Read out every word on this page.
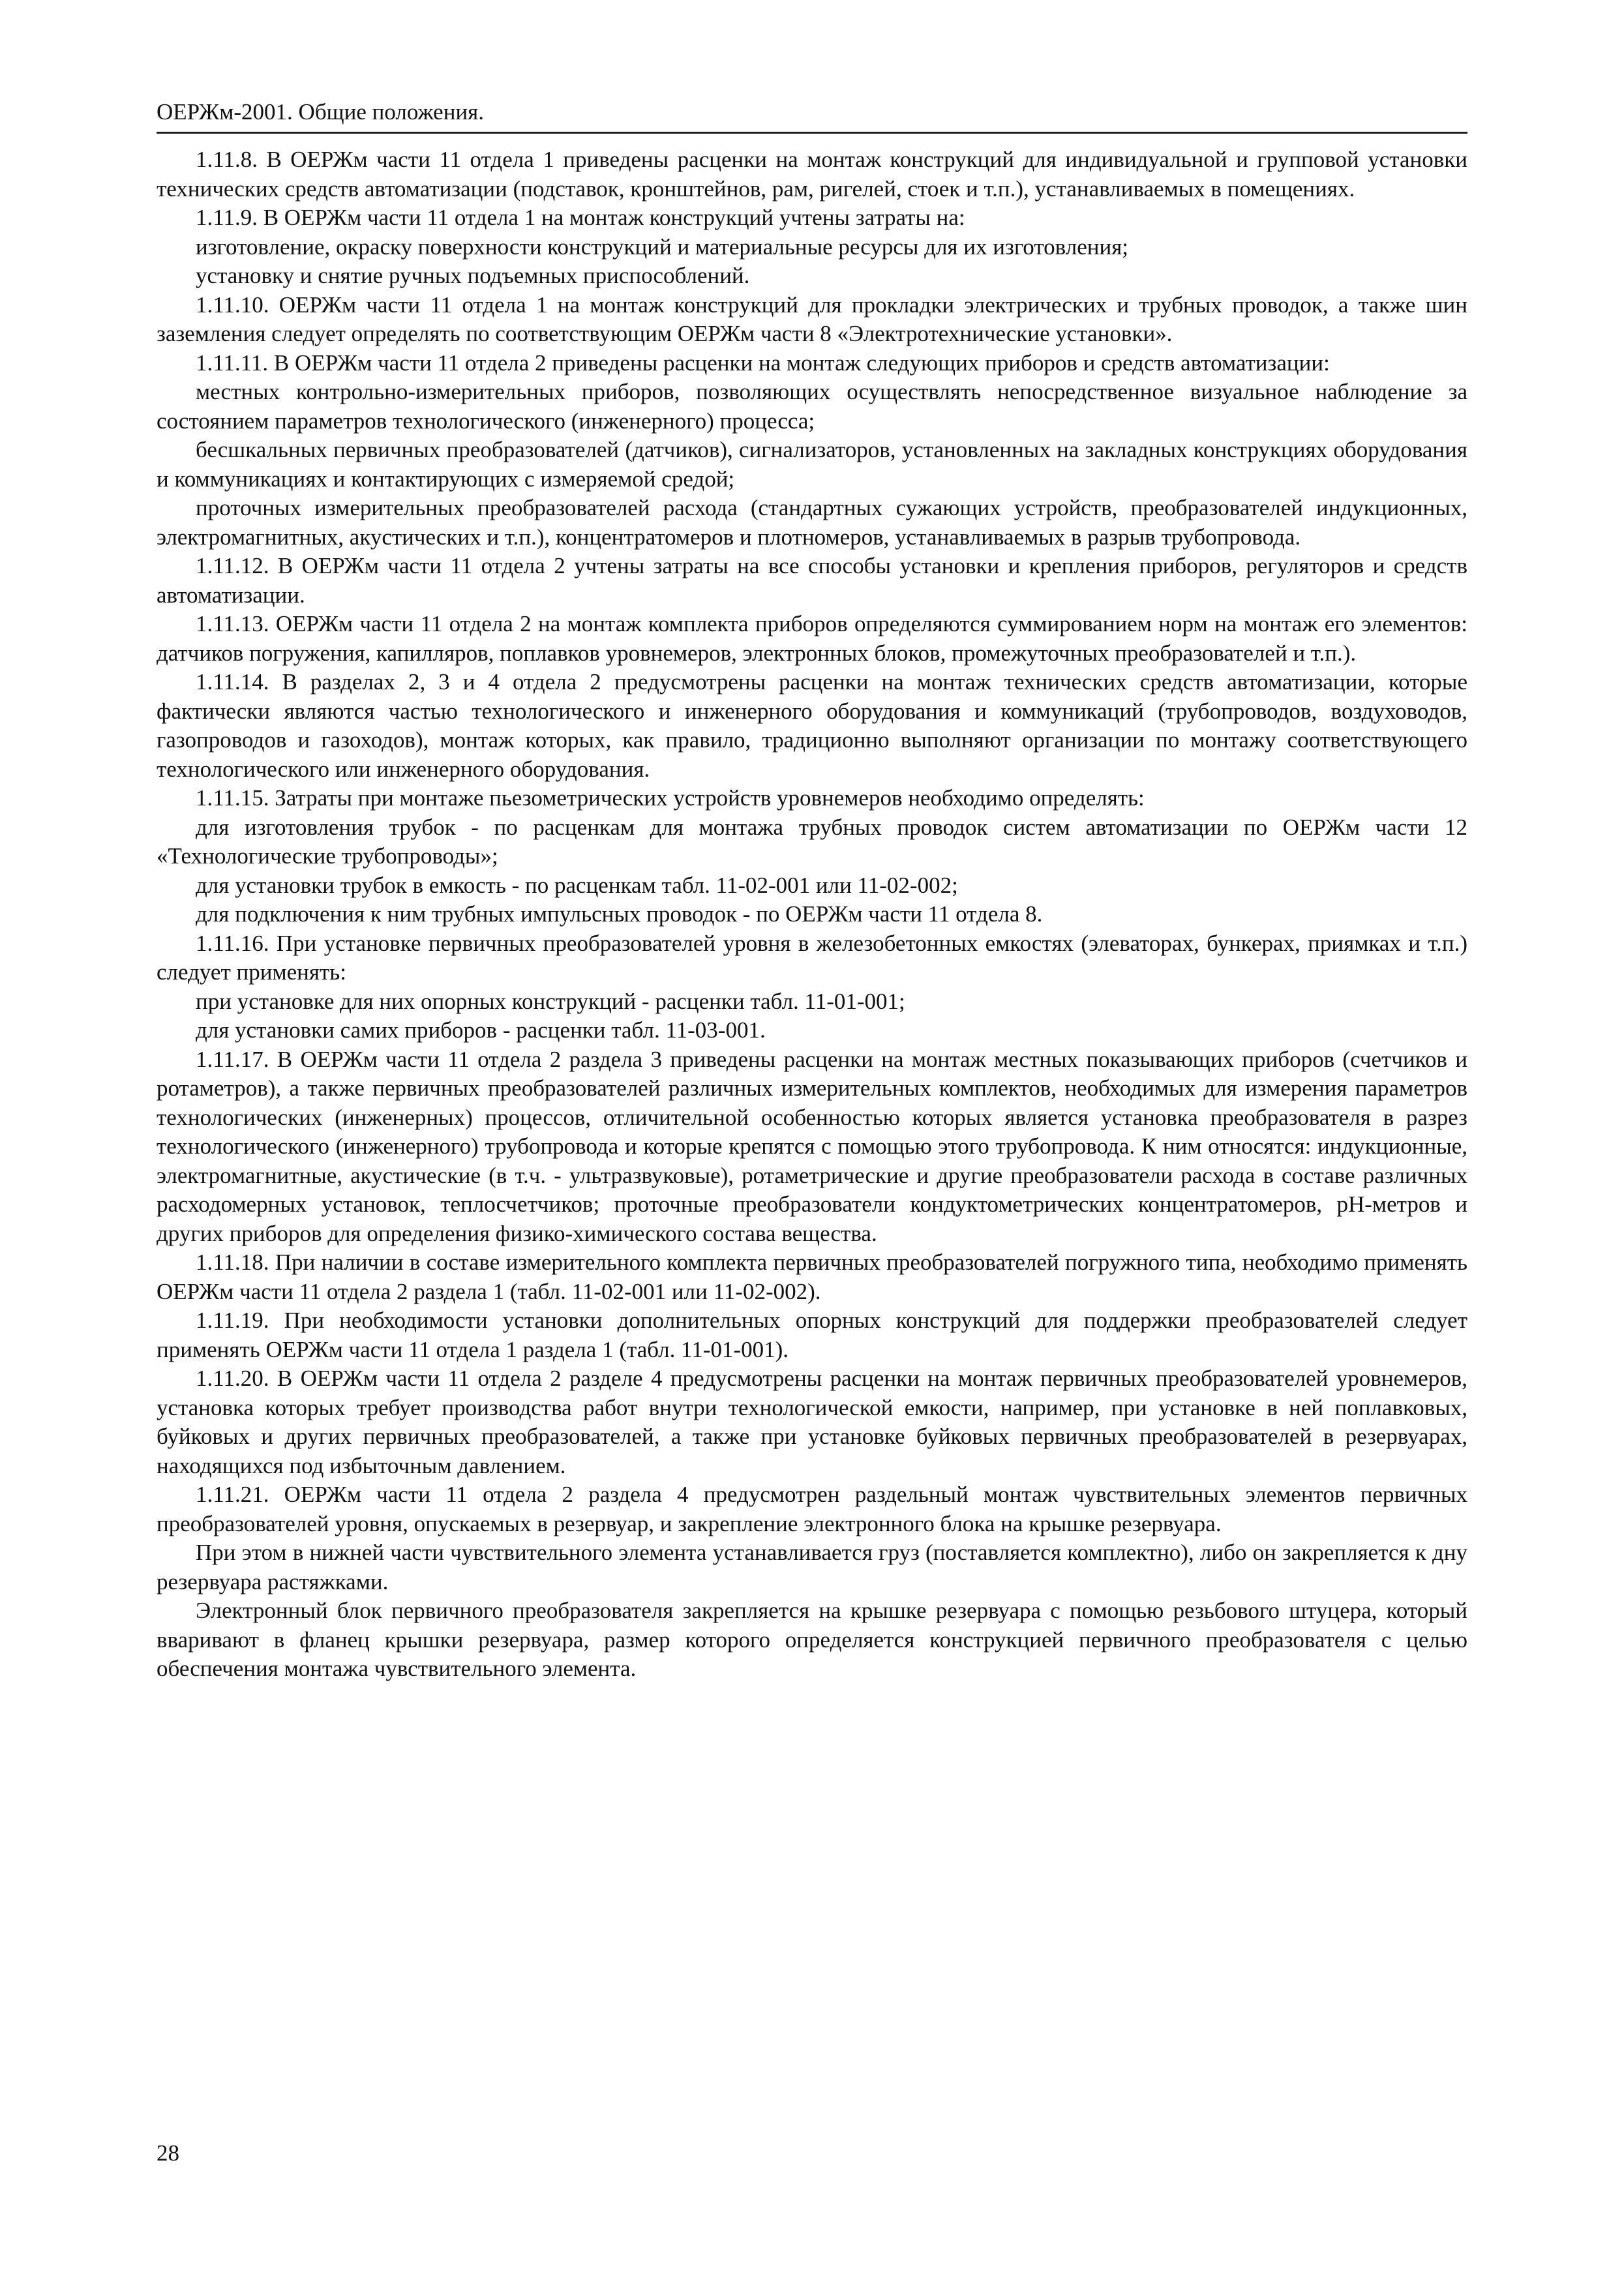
ОЕРЖм-2001. Общие положения.

1.11.8. В ОЕРЖм части 11 отдела 1 приведены расценки на монтаж конструкций для индивидуальной и групповой установки технических средств автоматизации (подставок, кронштейнов, рам, ригелей, стоек и т.п.), устанавливаемых в помещениях.

1.11.9. В ОЕРЖм части 11 отдела 1 на монтаж конструкций учтены затраты на:

изготовление, окраску поверхности конструкций и материальные ресурсы для их изготовления;

установку и снятие ручных подъемных приспособлений.

1.11.10. ОЕРЖм части 11 отдела 1 на монтаж конструкций для прокладки электрических и трубных проводок, а также шин заземления следует определять по соответствующим ОЕРЖм части 8 «Электротехнические установки».

1.11.11. В ОЕРЖм части 11 отдела 2 приведены расценки на монтаж следующих приборов и средств автоматизации:

местных контрольно-измерительных приборов, позволяющих осуществлять непосредственное визуальное наблюдение за состоянием параметров технологического (инженерного) процесса;

бесшкальных первичных преобразователей (датчиков), сигнализаторов, установленных на закладных конструкциях оборудования и коммуникациях и контактирующих с измеряемой средой;

проточных измерительных преобразователей расхода (стандартных сужающих устройств, преобразователей индукционных, электромагнитных, акустических и т.п.), концентратомеров и плотномеров, устанавливаемых в разрыв трубопровода.

1.11.12. В ОЕРЖм части 11 отдела 2 учтены затраты на все способы установки и крепления приборов, регуляторов и средств автоматизации.

1.11.13. ОЕРЖм части 11 отдела 2 на монтаж комплекта приборов определяются суммированием норм на монтаж его элементов: датчиков погружения, капилляров, поплавков уровнемеров, электронных блоков, промежуточных преобразователей и т.п.).

1.11.14. В разделах 2, 3 и 4 отдела 2 предусмотрены расценки на монтаж технических средств автоматизации, которые фактически являются частью технологического и инженерного оборудования и коммуникаций (трубопроводов, воздуховодов, газопроводов и газоходов), монтаж которых, как правило, традиционно выполняют организации по монтажу соответствующего технологического или инженерного оборудования.

1.11.15. Затраты при монтаже пьезометрических устройств уровнемеров необходимо определять:

для изготовления трубок - по расценкам для монтажа трубных проводок систем автоматизации по ОЕРЖм части 12 «Технологические трубопроводы»;

для установки трубок в емкость - по расценкам табл. 11-02-001 или 11-02-002;

для подключения к ним трубных импульсных проводок - по ОЕРЖм части 11 отдела 8.

1.11.16. При установке первичных преобразователей уровня в железобетонных емкостях (элеваторах, бункерах, приямках и т.п.) следует применять:

при установке для них опорных конструкций - расценки табл. 11-01-001;

для установки самих приборов - расценки табл. 11-03-001.

1.11.17. В ОЕРЖм части 11 отдела 2 раздела 3 приведены расценки на монтаж местных показывающих приборов (счетчиков и ротаметров), а также первичных преобразователей различных измерительных комплектов, необходимых для измерения параметров технологических (инженерных) процессов, отличительной особенностью которых является установка преобразователя в разрез технологического (инженерного) трубопровода и которые крепятся с помощью этого трубопровода. К ним относятся: индукционные, электромагнитные, акустические (в т.ч. - ультразвуковые), ротаметрические и другие преобразователи расхода в составе различных расходомерных установок, теплосчетчиков; проточные преобразователи кондуктометрических концентратомеров, pH-метров и других приборов для определения физико-химического состава вещества.

1.11.18. При наличии в составе измерительного комплекта первичных преобразователей погружного типа, необходимо применять ОЕРЖм части 11 отдела 2 раздела 1 (табл. 11-02-001 или 11-02-002).

1.11.19. При необходимости установки дополнительных опорных конструкций для поддержки преобразователей следует применять ОЕРЖм части 11 отдела 1 раздела 1 (табл. 11-01-001).

1.11.20. В ОЕРЖм части 11 отдела 2 разделе 4 предусмотрены расценки на монтаж первичных преобразователей уровнемеров, установка которых требует производства работ внутри технологической емкости, например, при установке в ней поплавковых, буйковых и других первичных преобразователей, а также при установке буйковых первичных преобразователей в резервуарах, находящихся под избыточным давлением.

1.11.21. ОЕРЖм части 11 отдела 2 раздела 4 предусмотрен раздельный монтаж чувствительных элементов первичных преобразователей уровня, опускаемых в резервуар, и закрепление электронного блока на крышке резервуара.

При этом в нижней части чувствительного элемента устанавливается груз (поставляется комплектно), либо он закрепляется к дну резервуара растяжками.

Электронный блок первичного преобразователя закрепляется на крышке резервуара с помощью резьбового штуцера, который вваривают в фланец крышки резервуара, размер которого определяется конструкцией первичного преобразователя с целью обеспечения монтажа чувствительного элемента.

28
